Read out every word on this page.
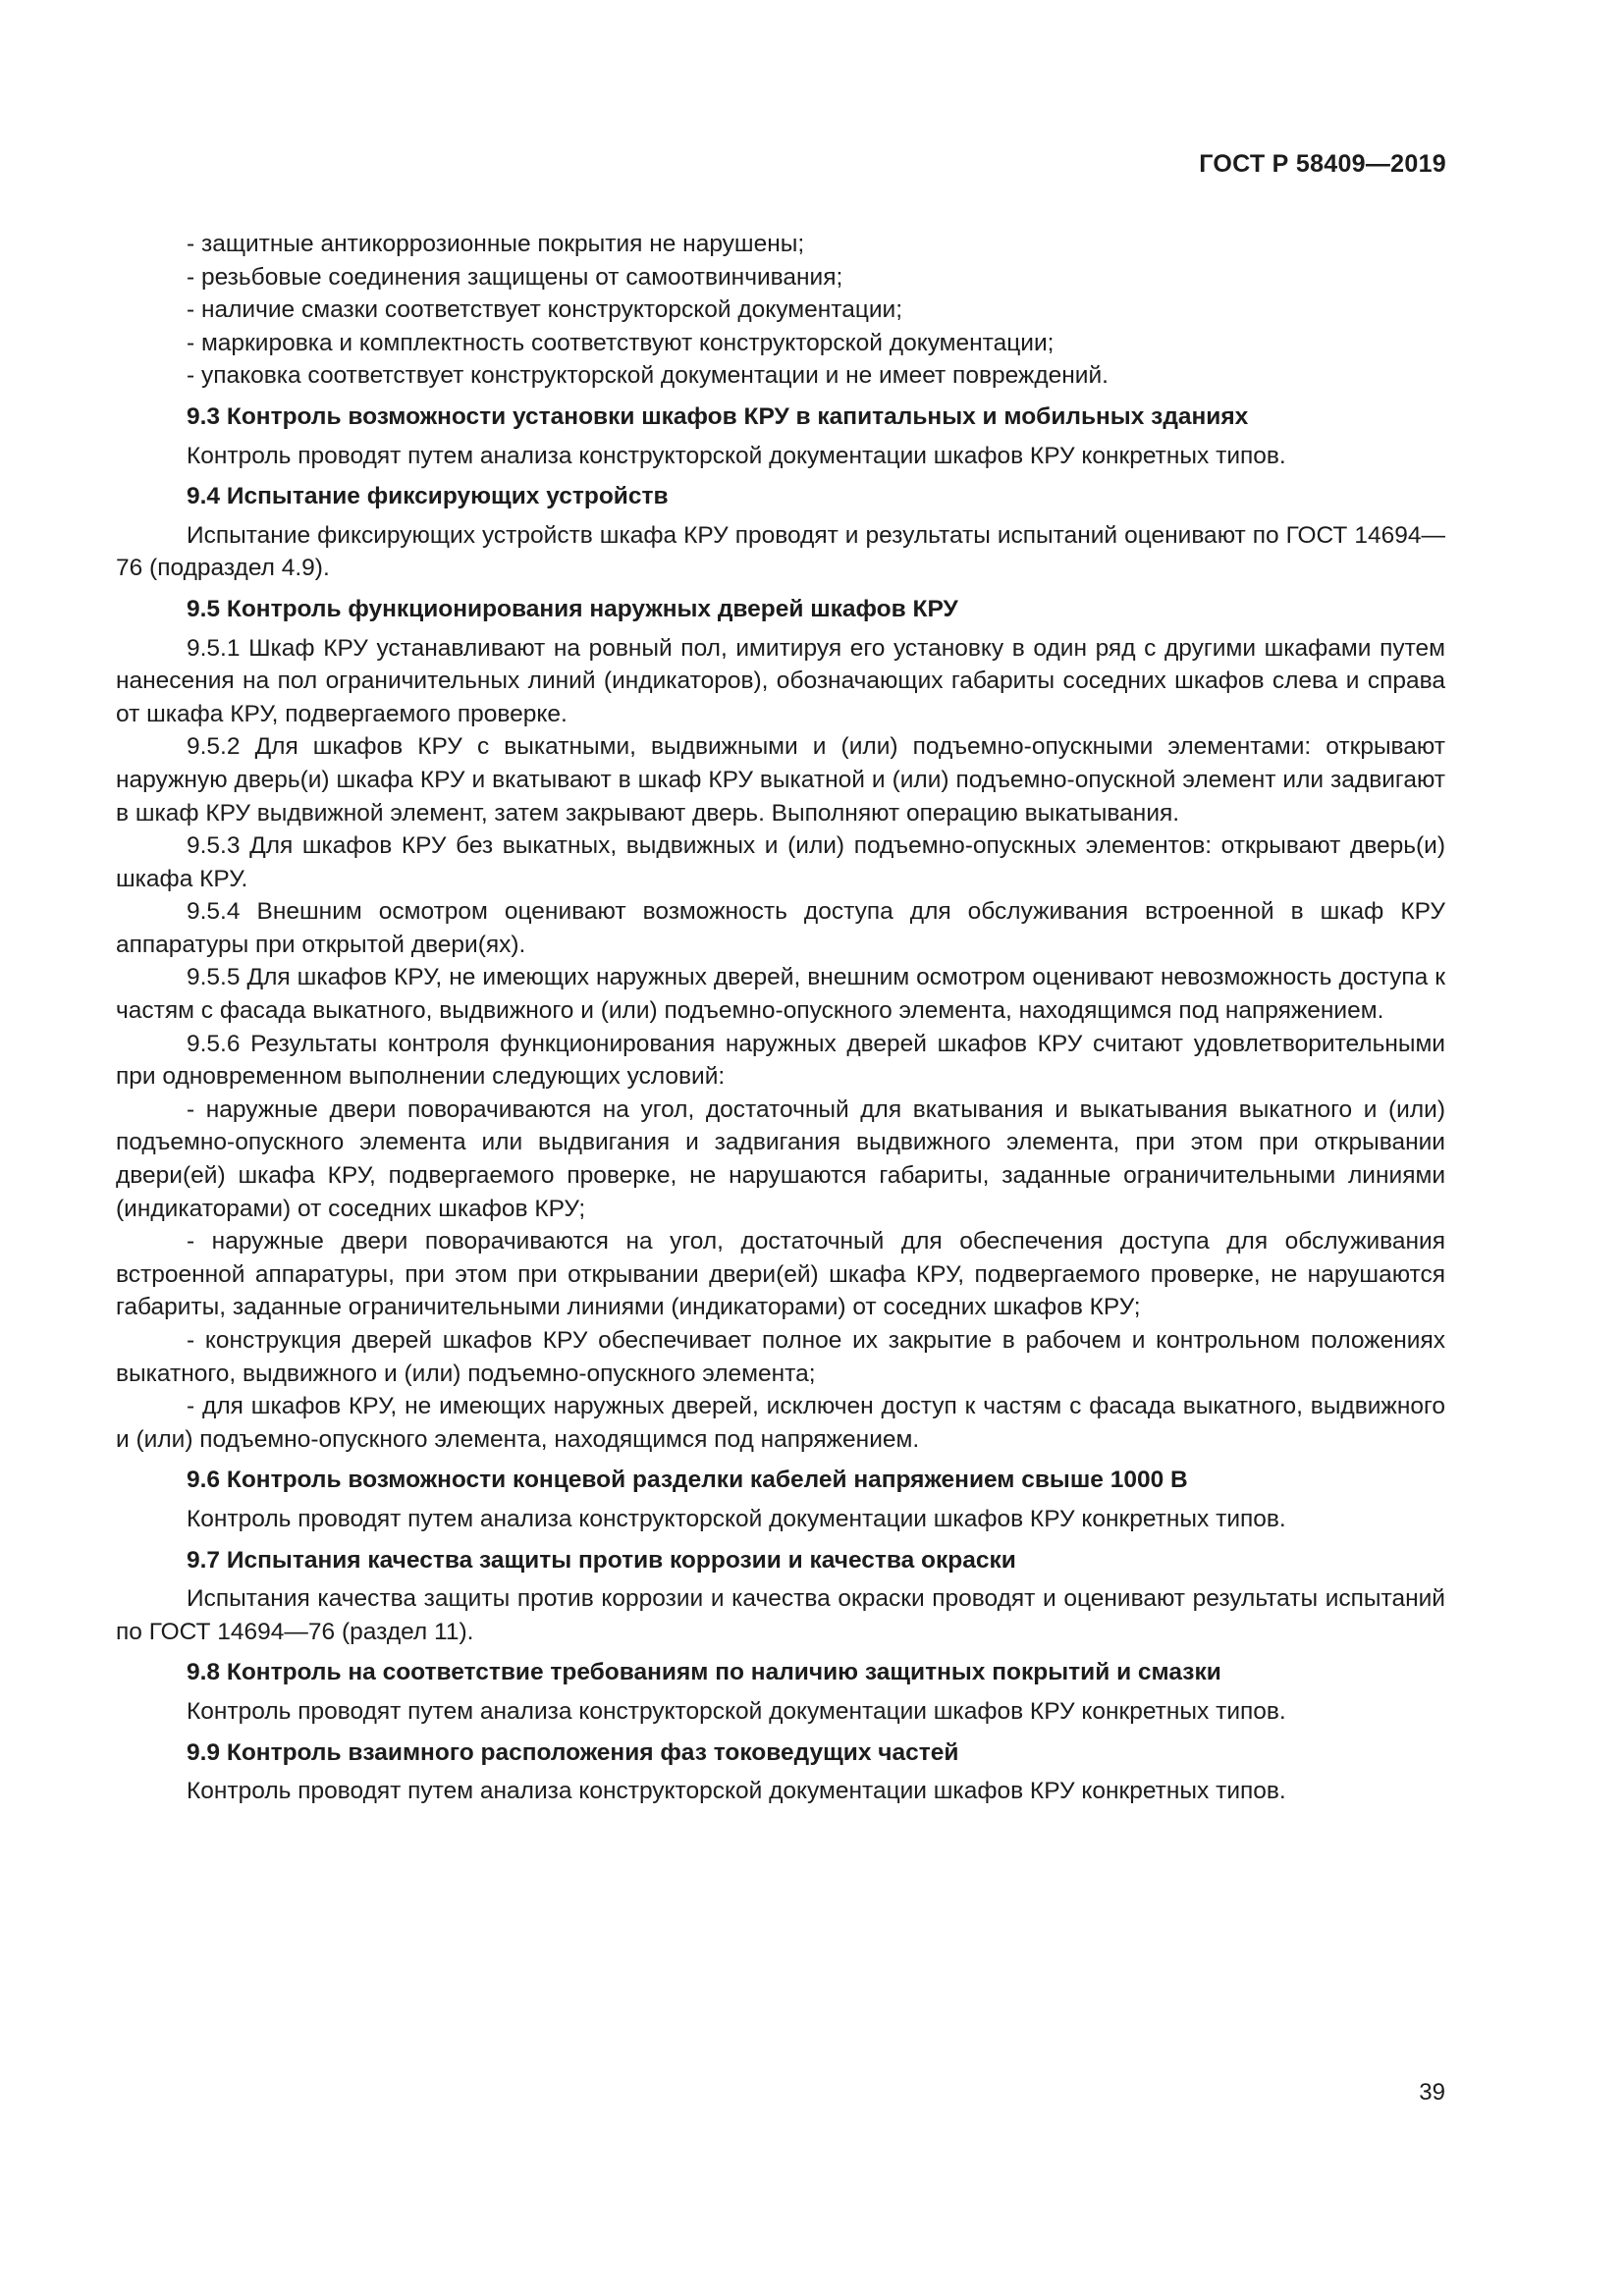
ГОСТ Р 58409—2019

- защитные антикоррозионные покрытия не нарушены;

- резьбовые соединения защищены от самоотвинчивания;

- наличие смазки соответствует конструкторской документации;

- маркировка и комплектность соответствуют конструкторской документации;

- упаковка соответствует конструкторской документации и не имеет повреждений.

9.3 Контроль возможности установки шкафов КРУ в капитальных и мобильных зданиях

Контроль проводят путем анализа конструкторской документации шкафов КРУ конкретных типов.

9.4 Испытание фиксирующих устройств

Испытание фиксирующих устройств шкафа КРУ проводят и результаты испытаний оценивают по ГОСТ 14694—76 (подраздел 4.9).

9.5 Контроль функционирования наружных дверей шкафов КРУ

9.5.1 Шкаф КРУ устанавливают на ровный пол, имитируя его установку в один ряд с другими шкафами путем нанесения на пол ограничительных линий (индикаторов), обозначающих габариты соседних шкафов слева и справа от шкафа КРУ, подвергаемого проверке.

9.5.2 Для шкафов КРУ с выкатными, выдвижными и (или) подъемно-опускными элементами: открывают наружную дверь(и) шкафа КРУ и вкатывают в шкаф КРУ выкатной и (или) подъемно-опускной элемент или задвигают в шкаф КРУ выдвижной элемент, затем закрывают дверь. Выполняют операцию выкатывания.

9.5.3 Для шкафов КРУ без выкатных, выдвижных и (или) подъемно-опускных элементов: открывают дверь(и) шкафа КРУ.

9.5.4 Внешним осмотром оценивают возможность доступа для обслуживания встроенной в шкаф КРУ аппаратуры при открытой двери(ях).

9.5.5 Для шкафов КРУ, не имеющих наружных дверей, внешним осмотром оценивают невозможность доступа к частям с фасада выкатного, выдвижного и (или) подъемно-опускного элемента, находящимся под напряжением.

9.5.6 Результаты контроля функционирования наружных дверей шкафов КРУ считают удовлетворительными при одновременном выполнении следующих условий:

- наружные двери поворачиваются на угол, достаточный для вкатывания и выкатывания выкатного и (или) подъемно-опускного элемента или выдвигания и задвигания выдвижного элемента, при этом при открывании двери(ей) шкафа КРУ, подвергаемого проверке, не нарушаются габариты, заданные ограничительными линиями (индикаторами) от соседних шкафов КРУ;

- наружные двери поворачиваются на угол, достаточный для обеспечения доступа для обслуживания встроенной аппаратуры, при этом при открывании двери(ей) шкафа КРУ, подвергаемого проверке, не нарушаются габариты, заданные ограничительными линиями (индикаторами) от соседних шкафов КРУ;

- конструкция дверей шкафов КРУ обеспечивает полное их закрытие в рабочем и контрольном положениях выкатного, выдвижного и (или) подъемно-опускного элемента;

- для шкафов КРУ, не имеющих наружных дверей, исключен доступ к частям с фасада выкатного, выдвижного и (или) подъемно-опускного элемента, находящимся под напряжением.

9.6 Контроль возможности концевой разделки кабелей напряжением свыше 1000 В

Контроль проводят путем анализа конструкторской документации шкафов КРУ конкретных типов.

9.7 Испытания качества защиты против коррозии и качества окраски

Испытания качества защиты против коррозии и качества окраски проводят и оценивают результаты испытаний по ГОСТ 14694—76 (раздел 11).

9.8 Контроль на соответствие требованиям по наличию защитных покрытий и смазки

Контроль проводят путем анализа конструкторской документации шкафов КРУ конкретных типов.

9.9 Контроль взаимного расположения фаз токоведущих частей

Контроль проводят путем анализа конструкторской документации шкафов КРУ конкретных типов.

39
